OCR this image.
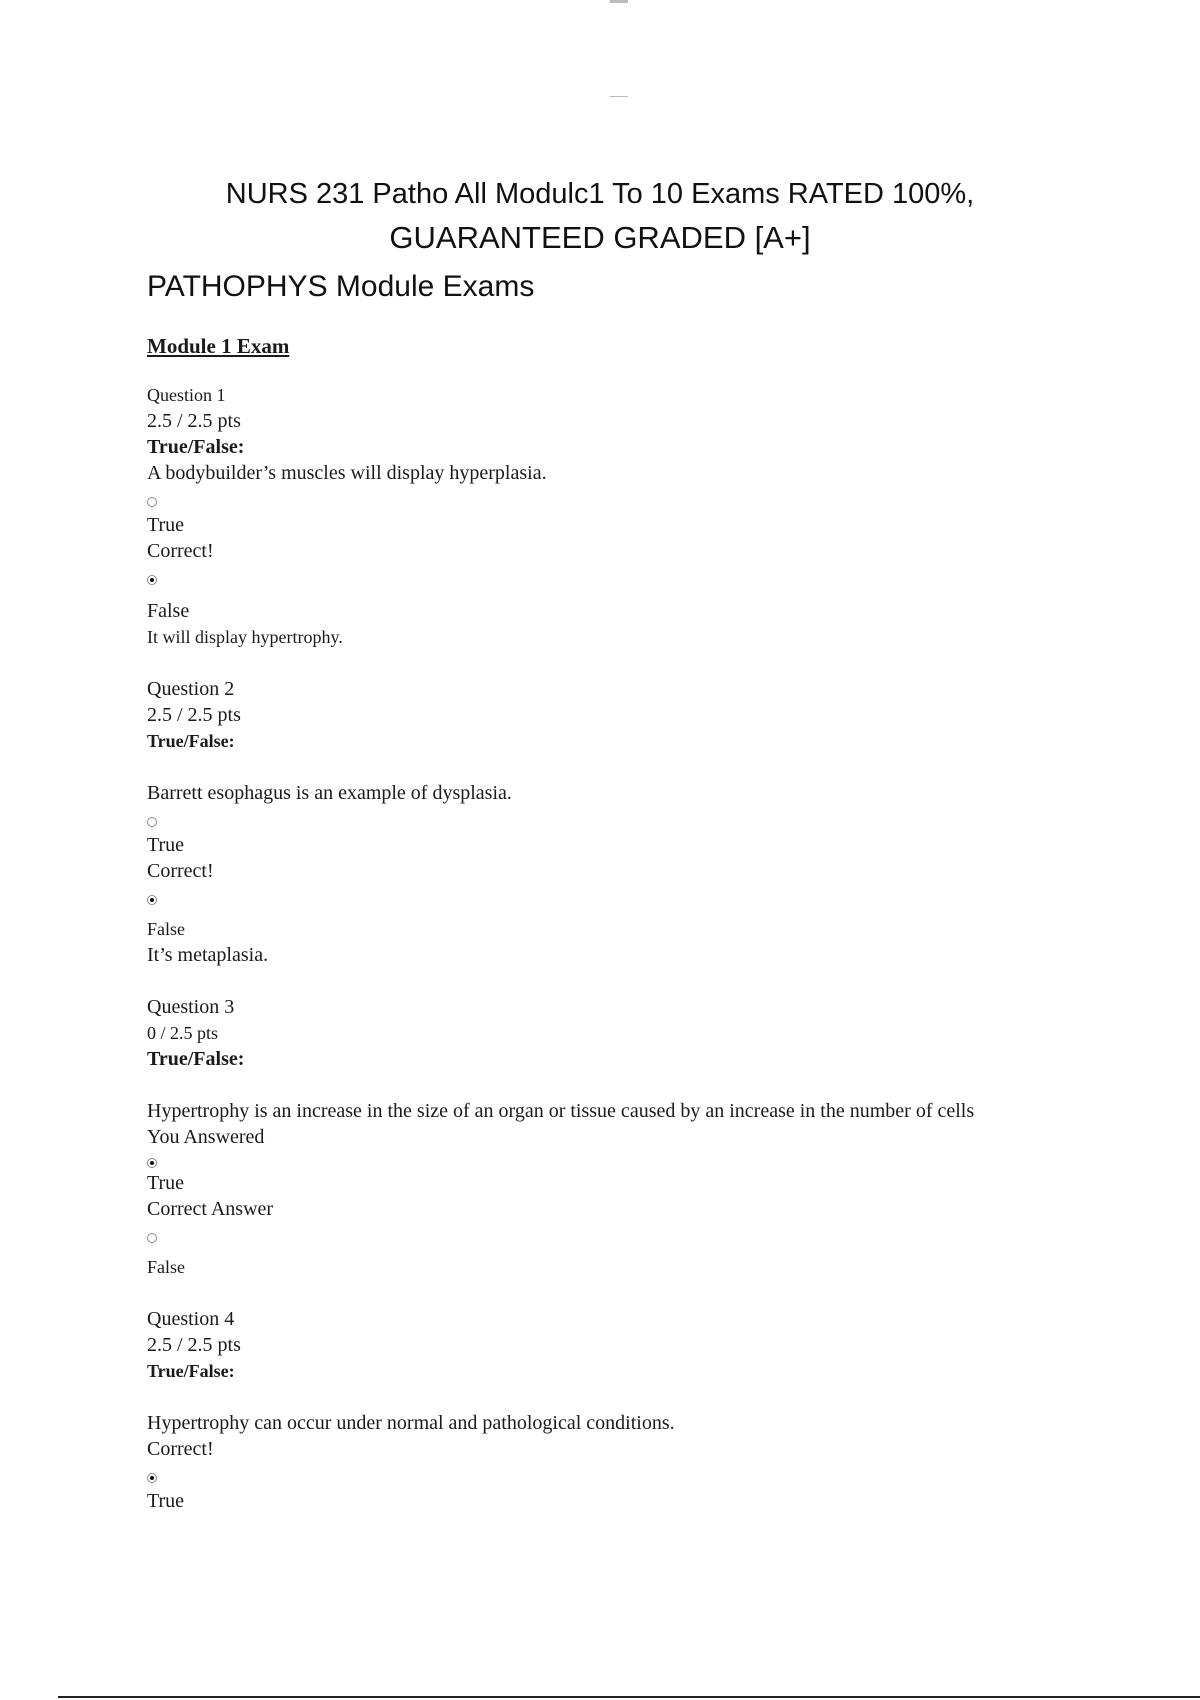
NURS 231 Patho All Modulc1 To 10 Exams RATED 100%,
GUARANTEED GRADED [A+]
PATHOPHYS Module Exams
Module 1 Exam
Question 1
2.5 / 2.5 pts
True/False:
A bodybuilder’s muscles will display hyperplasia.
True
Correct!
False
It will display hypertrophy.
Question 2
2.5 / 2.5 pts
True/False:
Barrett esophagus is an example of dysplasia.
True
Correct!
False
It’s metaplasia.
Question 3
0 / 2.5 pts
True/False:
Hypertrophy is an increase in the size of an organ or tissue caused by an increase in the number of cells
You Answered
True
Correct Answer
False
Question 4
2.5 / 2.5 pts
True/False:
Hypertrophy can occur under normal and pathological conditions.
Correct!
True
